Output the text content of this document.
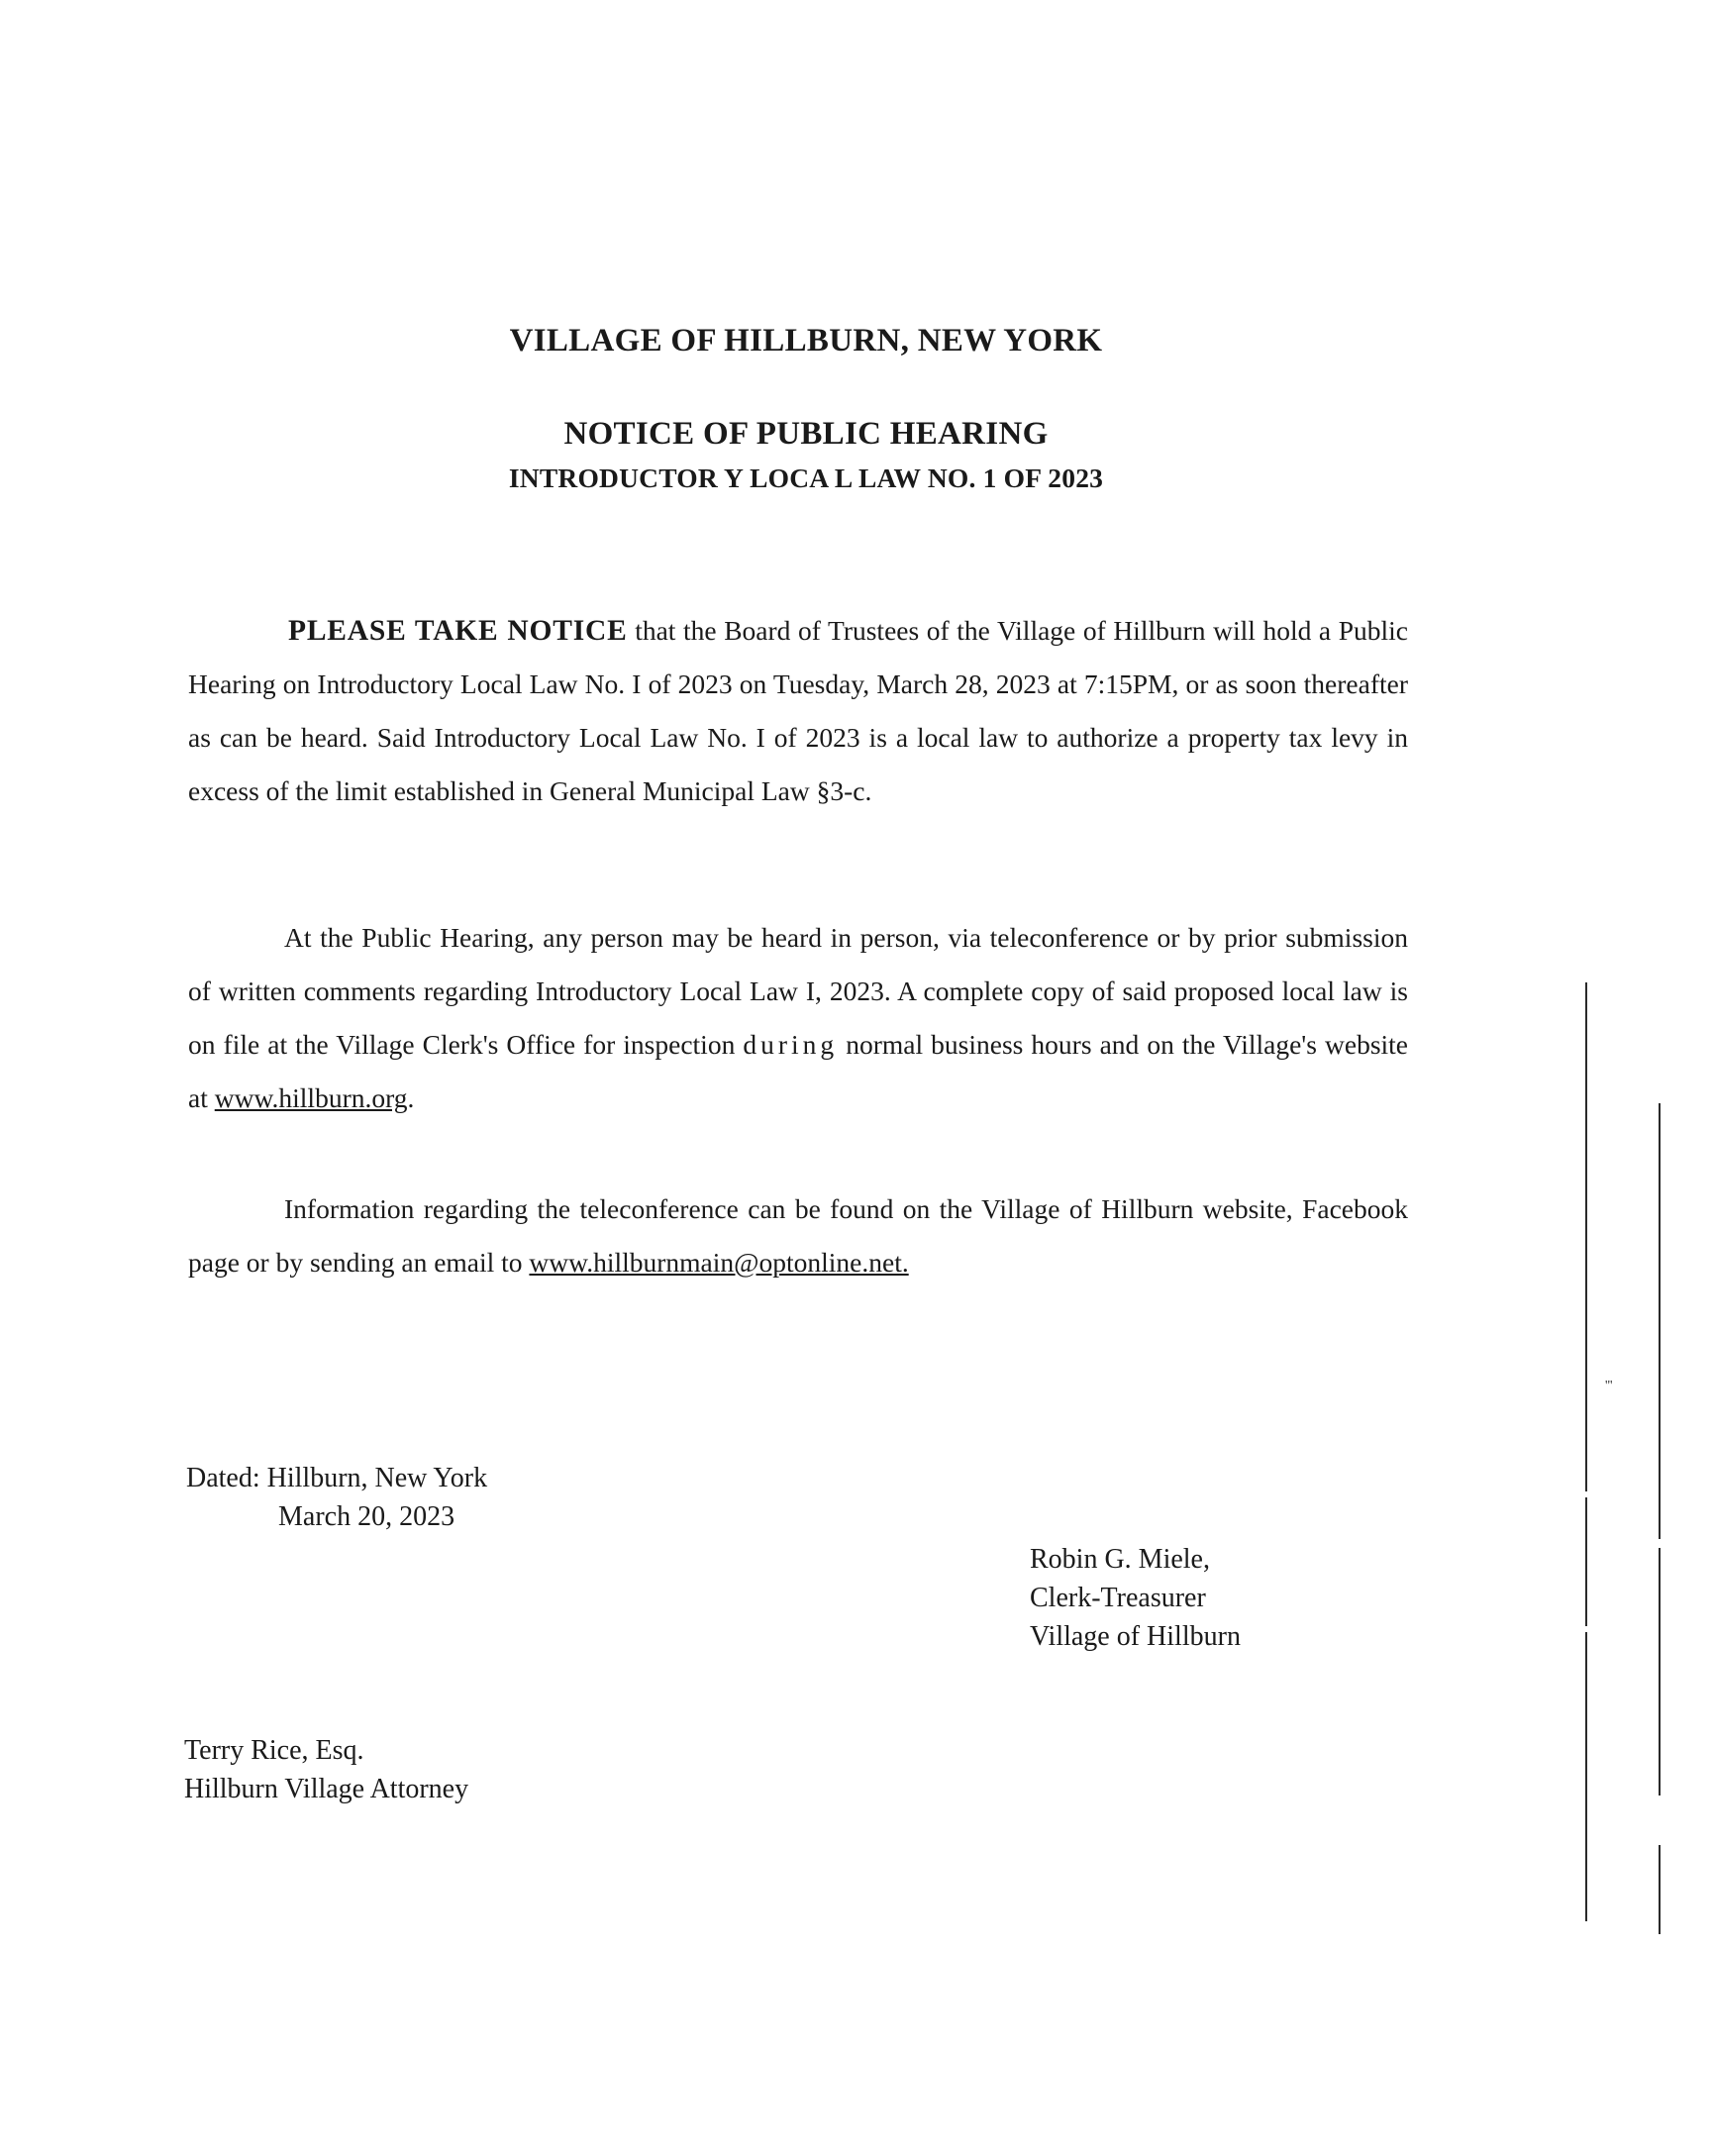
VILLAGE OF HILLBURN, NEW YORK
NOTICE OF PUBLIC HEARING
INTRODUCTOR Y LOCA L LAW NO. 1 OF 2023
PLEASE TAKE NOTICE that the Board of Trustees of the Village of Hillburn will hold a Public Hearing on Introductory Local Law No. I of 2023 on Tuesday, March 28, 2023 at 7:15PM, or as soon thereafter as can be heard. Said Introductory Local Law No. I of 2023 is a local law to authorize a property tax levy in excess of the limit established in General Municipal Law §3-c.
At the Public Hearing, any person may be heard in person, via teleconference or by prior submission of written comments regarding Introductory Local Law I, 2023. A complete copy of said proposed local law is on file at the Village Clerk's Office for inspection during normal business hours and on the Village's website at www.hillburn.org.
Information regarding the teleconference can be found on the Village of Hillburn website, Facebook page or by sending an email to www.hillburnmain@optonline.net.
Dated: Hillburn, New York
March 20, 2023
Robin G. Miele,
Clerk-Treasurer
Village of Hillburn
Terry Rice, Esq.
Hillburn Village Attorney
'''
